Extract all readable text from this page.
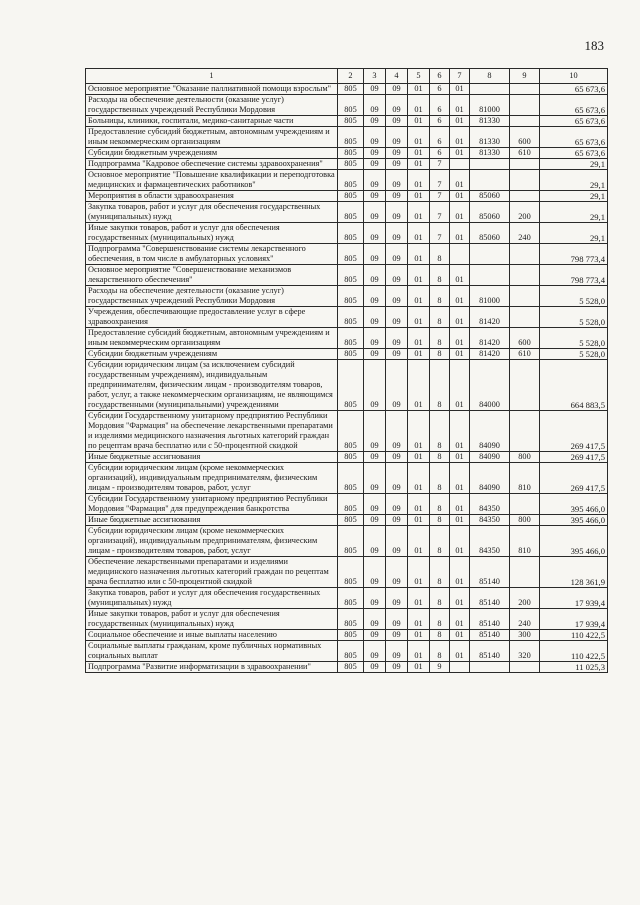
183
1	2	3	4	5	6	7	8	9	10
Основное мероприятие "Оказание паллиативной помощи взрослым"	805	09	09	01	6	01			65 673,6
Расходы на обеспечение деятельности (оказание услуг) государственных учреждений Республики Мордовия	805	09	09	01	6	01	81000		65 673,6
Больницы, клиники, госпитали, медико-санитарные части	805	09	09	01	6	01	81330		65 673,6
Предоставление субсидий бюджетным, автономным учреждениям и иным некоммерческим организациям	805	09	09	01	6	01	81330	600	65 673,6
Субсидии бюджетным учреждениям	805	09	09	01	6	01	81330	610	65 673,6
Подпрограмма "Кадровое обеспечение системы здравоохранения"	805	09	09	01	7				29,1
Основное мероприятие "Повышение квалификации и переподготовка медицинских и фармацевтических работников"	805	09	09	01	7	01			29,1
Мероприятия в области здравоохранения	805	09	09	01	7	01	85060		29,1
Закупка товаров, работ и услуг для обеспечения государственных (муниципальных) нужд	805	09	09	01	7	01	85060	200	29,1
Иные закупки товаров, работ и услуг для обеспечения государственных (муниципальных) нужд	805	09	09	01	7	01	85060	240	29,1
Подпрограмма "Совершенствование системы лекарственного обеспечения, в том числе в амбулаторных условиях"	805	09	09	01	8				798 773,4
Основное мероприятие "Совершенствование механизмов лекарственного обеспечения"	805	09	09	01	8	01			798 773,4
Расходы на обеспечение деятельности (оказание услуг) государственных учреждений Республики Мордовия	805	09	09	01	8	01	81000		5 528,0
Учреждения, обеспечивающие предоставление услуг в сфере здравоохранения	805	09	09	01	8	01	81420		5 528,0
Предоставление субсидий бюджетным, автономным учреждениям и иным некоммерческим организациям	805	09	09	01	8	01	81420	600	5 528,0
Субсидии бюджетным учреждениям	805	09	09	01	8	01	81420	610	5 528,0
Субсидии юридическим лицам (за исключением субсидий государственным учреждениям), индивидуальным предпринимателям, физическим лицам - производителям товаров, работ, услуг, а также некоммерческим организациям, не являющимся государственными (муниципальными) учреждениями	805	09	09	01	8	01	84000		664 883,5
Субсидии Государственному унитарному предприятию Республики Мордовия "Фармация" на обеспечение лекарственными препаратами и изделиями медицинского назначения льготных категорий граждан по рецептам врача бесплатно или с 50-процентной скидкой	805	09	09	01	8	01	84090		269 417,5
Иные бюджетные ассигнования	805	09	09	01	8	01	84090	800	269 417,5
Субсидии юридическим лицам (кроме некоммерческих организаций), индивидуальным предпринимателям, физическим лицам - производителям товаров, работ, услуг	805	09	09	01	8	01	84090	810	269 417,5
Субсидии Государственному унитарному предприятию Республики Мордовия "Фармация" для предупреждения банкротства	805	09	09	01	8	01	84350		395 466,0
Иные бюджетные ассигнования	805	09	09	01	8	01	84350	800	395 466,0
Субсидии юридическим лицам (кроме некоммерческих организаций), индивидуальным предпринимателям, физическим лицам - производителям товаров, работ, услуг	805	09	09	01	8	01	84350	810	395 466,0
Обеспечение лекарственными препаратами и изделиями медицинского назначения льготных категорий граждан по рецептам врача бесплатно или с 50-процентной скидкой	805	09	09	01	8	01	85140		128 361,9
Закупка товаров, работ и услуг для обеспечения государственных (муниципальных) нужд	805	09	09	01	8	01	85140	200	17 939,4
Иные закупки товаров, работ и услуг для обеспечения государственных (муниципальных) нужд	805	09	09	01	8	01	85140	240	17 939,4
Социальное обеспечение и иные выплаты населению	805	09	09	01	8	01	85140	300	110 422,5
Социальные выплаты гражданам, кроме публичных нормативных социальных выплат	805	09	09	01	8	01	85140	320	110 422,5
Подпрограмма "Развитие информатизации в здравоохранении"	805	09	09	01	9				11 025,3
